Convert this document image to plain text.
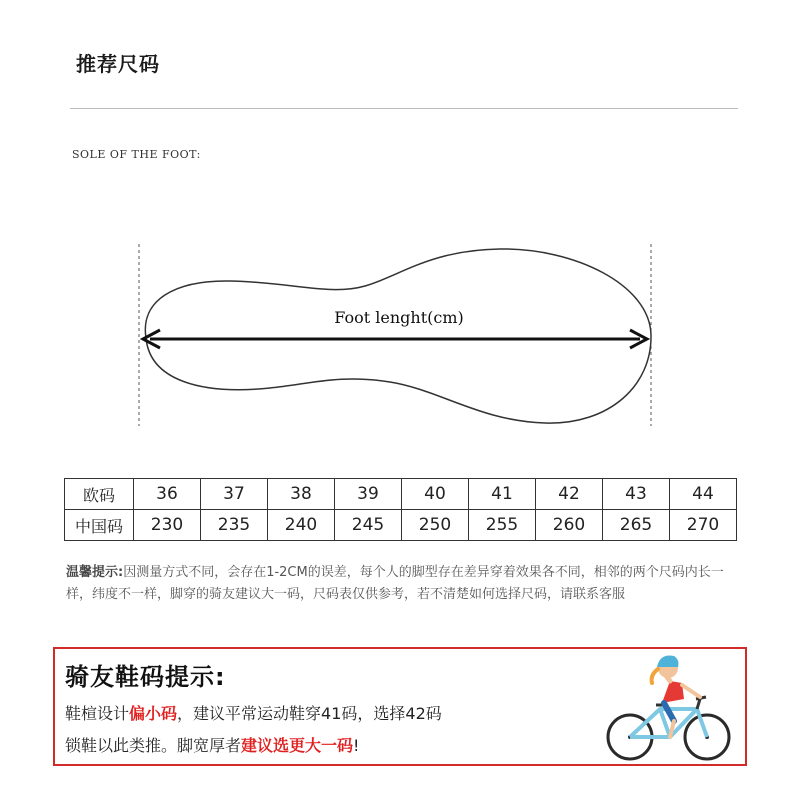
推荐尺码
SOLE OF THE FOOT:
Foot lenght(cm)
欧码	36	37	38	39	40	41	42	43	44
中国码	230	235	240	245	250	255	260	265	270
温馨提示:因测量方式不同，会存在1-2CM的误差，每个人的脚型存在差异穿着效果各不同，相邻的两个尺码内长一样，纬度不一样，脚穿的骑友建议大一码，尺码表仅供参考，若不清楚如何选择尺码，请联系客服
骑友鞋码提示:
鞋楦设计偏小码，建议平常运动鞋穿41码，选择42码
锁鞋以此类推。脚宽厚者建议选更大一码!
